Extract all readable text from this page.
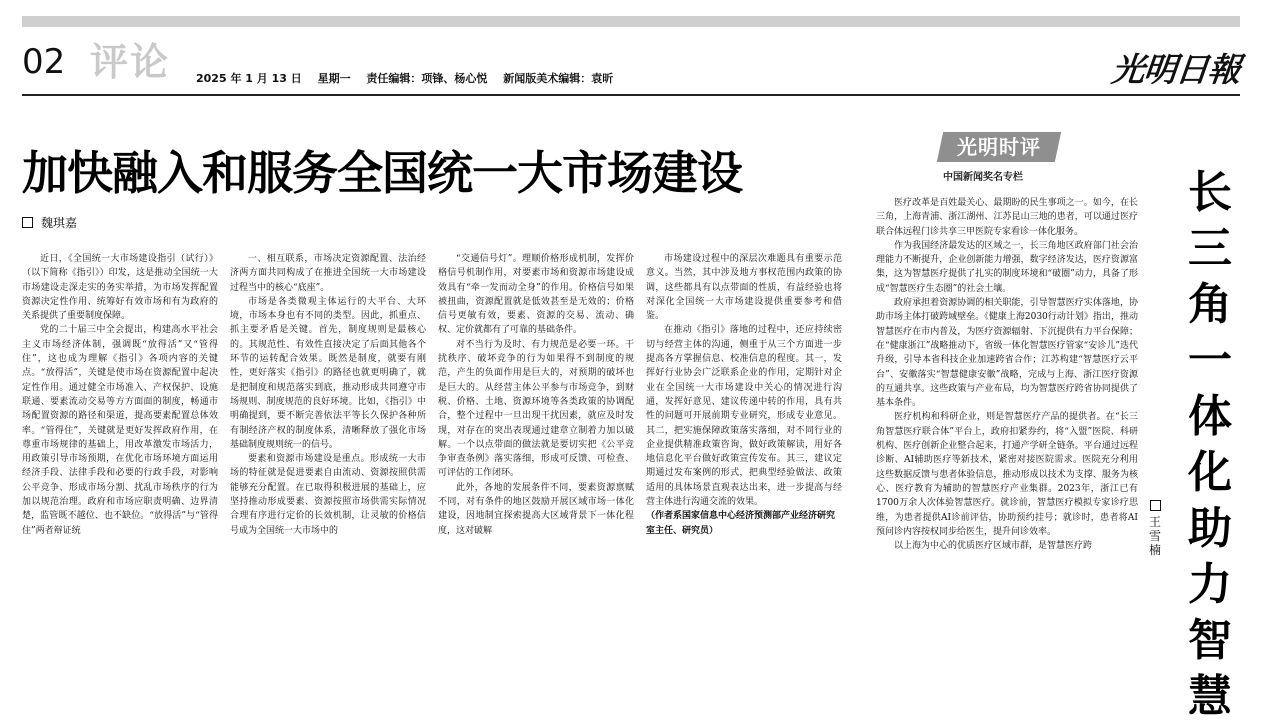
02 评论 2025 年 1 月 13 日 星期一 责任编辑：项锋、杨心悦 新闻版美术编辑：袁昕	光明日報
加快融入和服务全国统一大市场建设
魏琪嘉

近日，《全国统一大市场建设指引（试行）》（以下简称《指引》）印发，这是推动全国统一大市场建设走深走实的务实举措，为市场发挥配置资源决定性作用、统筹好有效市场和有为政府的关系提供了重要制度保障。

党的二十届三中全会提出，构建高水平社会主义市场经济体制，强调既“放得活”又“管得住”，这也成为理解《指引》各项内容的关键点。“放得活”，关键是使市场在资源配置中起决定性作用。通过健全市场准入、产权保护、设施联通、要素流动交易等方方面面的制度，畅通市场配置资源的路径和渠道，提高要素配置总体效率。“管得住”，关键就是更好发挥政府作用，在尊重市场规律的基础上，用改革激发市场活力，用政策引导市场预期，在优化市场环境方面运用经济手段、法律手段和必要的行政手段，对影响公平竞争、形成市场分割、扰乱市场秩序的行为加以规范治理。政府和市场应职责明确、边界清楚，监管既不越位、也不缺位。“放得活”与“管得住”两者辩证统

一、相互联系，市场决定资源配置、法治经济两方面共同构成了在推进全国统一大市场建设过程当中的核心“底座”。

市场是各类微观主体运行的大平台、大环境，市场本身也有不同的类型。因此，抓重点、抓主要矛盾是关键。首先，制度规则是最核心的。其规范性、有效性直接决定了后面其他各个环节的运转配合效果。既然是制度，就要有刚性，更好落实《指引》的路径也就更明确了，就是把制度和规范落实到底，推动形成共同遵守市场规则、制度规范的良好环境。比如，《指引》中明确提到，要不断完善依法平等长久保护各种所有制经济产权的制度体系，清晰释放了强化市场基础制度规则统一的信号。

要素和资源市场建设是重点。形成统一大市场的特征就是促进要素自由流动、资源按照供需能够充分配置。在已取得积极进展的基础上，应坚持推动形成要素、资源按照市场供需实际情况合理有序进行定价的长效机制，让灵敏的价格信号成为全国统一大市场中的

“交通信号灯”。理顺价格形成机制，发挥价格信号机制作用，对要素市场和资源市场建设成效具有“牵一发而动全身”的作用。价格信号如果被扭曲，资源配置就是低效甚至是无效的；价格信号更敏有效，要素、资源的交易、流动、确权、定价就都有了可靠的基础条件。

对不当行为及时、有力规范是必要一环。干扰秩序、破坏竞争的行为如果得不到制度的规范，产生的负面作用是巨大的，对预期的破坏也是巨大的。从经营主体公平参与市场竞争，到财税、价格、土地、资源环境等各类政策的协调配合，整个过程中一旦出现干扰因素，就应及时发现，对存在的突出表现通过建章立制着力加以破解。一个以点带面的做法就是要切实把《公平竞争审查条例》落实落细，形成可反馈、可检查、可评估的工作闭环。

此外，各地的发展条件不同，要素资源禀赋不同，对有条件的地区鼓励开展区域市场一体化建设，因地制宜探索提高大区域背景下一体化程度，这对破解

市场建设过程中的深层次难题具有重要示范意义。当然，其中涉及地方事权范围内政策的协调，这些都具有以点带面的性质，有益经验也将对深化全国统一大市场建设提供重要参考和借鉴。

在推动《指引》落地的过程中，还应持续密切与经营主体的沟通，侧重于从三个方面进一步提高各方掌握信息、校准信息的程度。其一，发挥好行业协会广泛联系企业的作用，定期针对企业在全国统一大市场建设中关心的情况进行沟通，发挥好意见、建议传递中转的作用，具有共性的问题可开展前期专业研究，形成专业意见。其二，把实施保障政策落实落细，对不同行业的企业提供精准政策咨询，做好政策解读，用好各地信息化平台做好政策宣传发布。其三，建议定期通过发布案例的形式，把典型经验做法、政策适用的具体场景直观表达出来，进一步提高与经营主体进行沟通交流的效果。

（作者系国家信息中心经济预测部产业经济研究室主任、研究员）

光明时评
中国新闻奖名专栏

医疗改革是百姓最关心、最期盼的民生事项之一。如今，在长三角，上海青浦、浙江湖州、江苏昆山三地的患者，可以通过医疗联合体远程门诊共享三甲医院专家看诊一体化服务。

作为我国经济最发达的区域之一，长三角地区政府部门社会治理能力不断提升，企业创新能力增强，数字经济发达，医疗资源富集，这为智慧医疗提供了扎实的制度环境和“破圈”动力，具备了形成“智慧医疗生态圈”的社会土壤。

政府承担着资源协调的相关职能，引导智慧医疗实体落地，协助市场主体打破跨域壁垒。《健康上海2030行动计划》指出，推动智慧医疗在市内普及，为医疗资源辐射、下沉提供有力平台保障；在“健康浙江”战略推动下，省级一体化智慧医疗管家“安诊儿”迭代升级，引导本省科技企业加速跨省合作；江苏构建“智慧医疗云平台”、安徽落实“智慧健康安徽”战略，完成与上海、浙江医疗资源的互通共享。这些政策与产业布局，均为智慧医疗跨省协同提供了基本条件。

医疗机构和科研企业，则是智慧医疗产品的提供者。在“长三角智慧医疗联合体”平台上，政府扣紧券约，将“入盟”医院、科研机构、医疗创新企业整合起来，打通产学研全链条。平台通过远程诊断、AI辅助医疗等新技术，紧密对接医院需求。医院充分利用这些数据反馈与患者体验信息，推动形成以技术为支撑、服务为核心、医疗教育为辅助的智慧医疗产业集群。2023年，浙江已有1700万余人次体验智慧医疗。就诊前，智慧医疗模拟专家诊疗思维，为患者提供AI诊前评估，协助预约挂号；就诊时，患者将AI预问诊内容按权同步给医生，提升问诊效率。

以上海为中心的优质医疗区域市群，是智慧医疗跨

长
三
角
一
体
化
助
力
智
慧
王
雪
楠
